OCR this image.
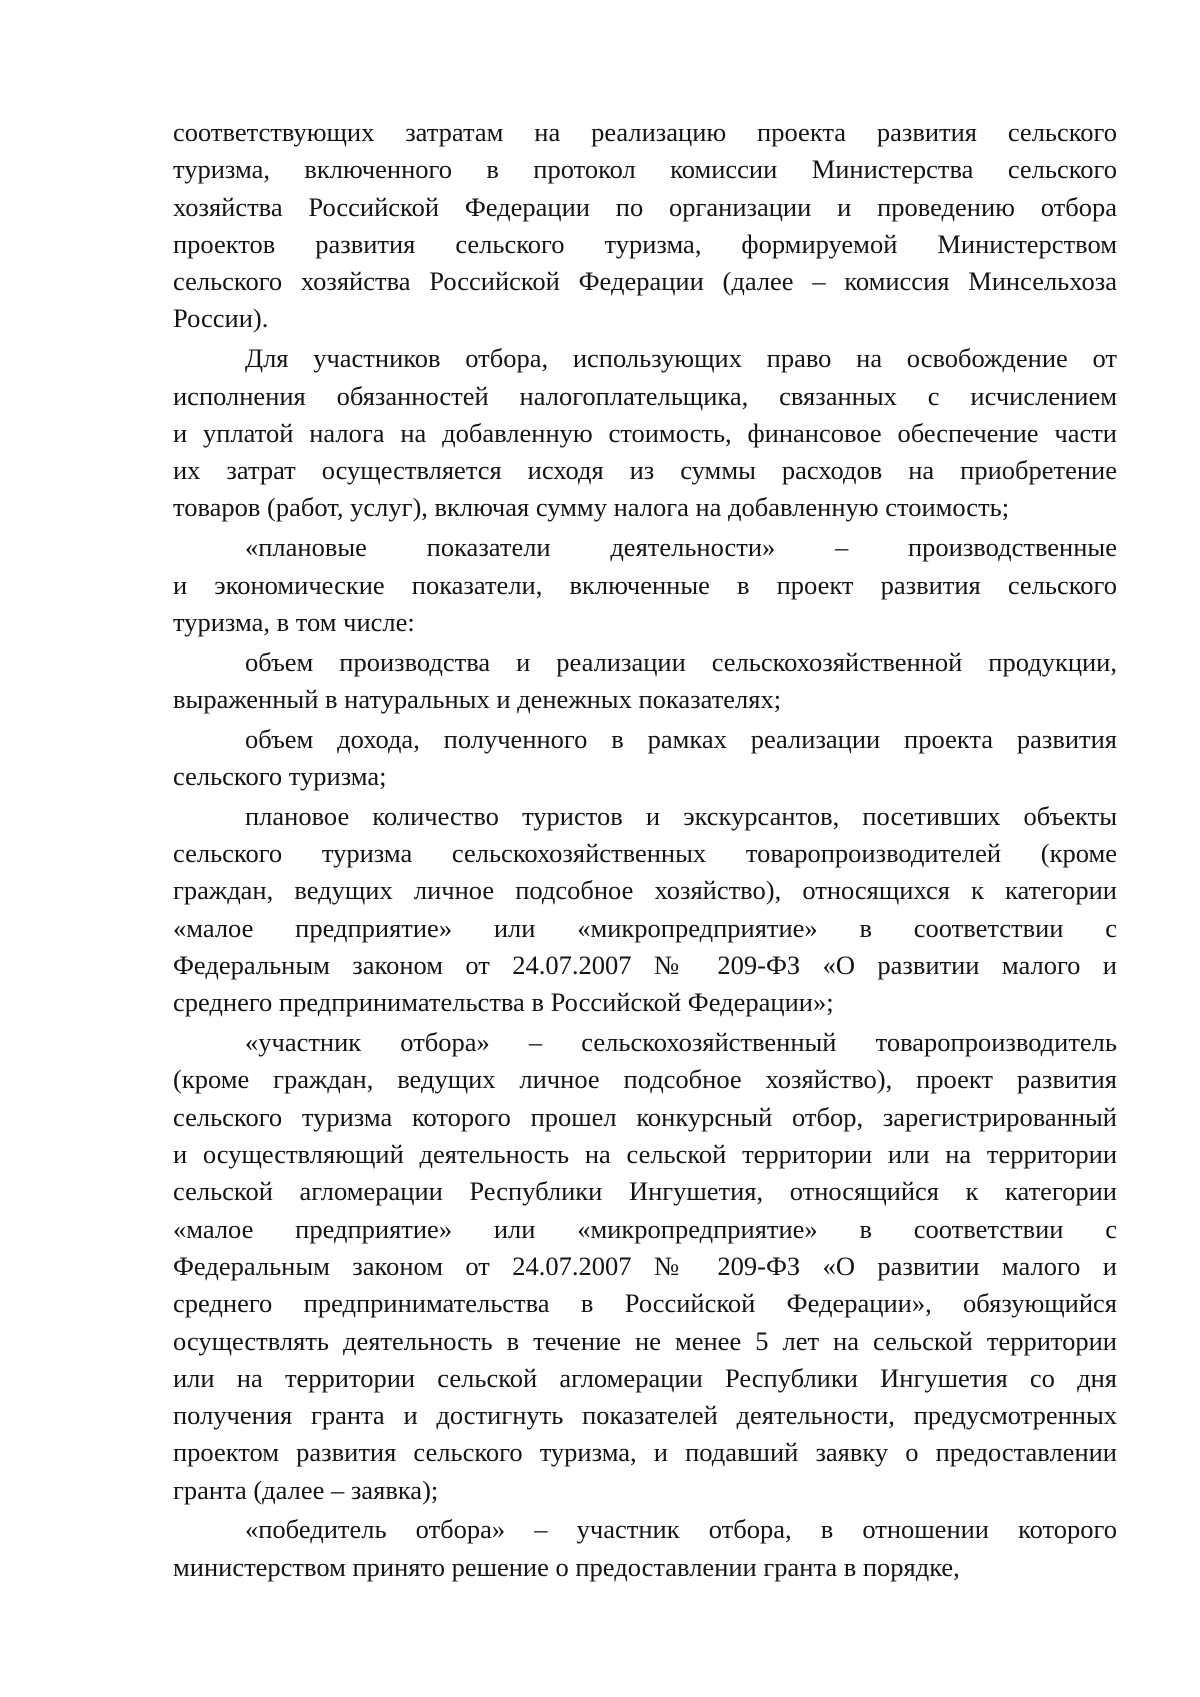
соответствующих затратам на реализацию проекта развития сельского
туризма, включенного в протокол комиссии Министерства сельского
хозяйства Российской Федерации по организации и проведению отбора
проектов развития сельского туризма, формируемой Министерством
сельского хозяйства Российской Федерации (далее – комиссия Минсельхоза
России).
Для участников отбора, использующих право на освобождение от
исполнения обязанностей налогоплательщика, связанных с исчислением
и уплатой налога на добавленную стоимость, финансовое обеспечение части
их затрат осуществляется исходя из суммы расходов на приобретение
товаров (работ, услуг), включая сумму налога на добавленную стоимость;
«плановые показатели деятельности» – производственные
и экономические показатели, включенные в проект развития сельского
туризма, в том числе:
объем производства и реализации сельскохозяйственной продукции,
выраженный в натуральных и денежных показателях;
объем дохода, полученного в рамках реализации проекта развития
сельского туризма;
плановое количество туристов и экскурсантов, посетивших объекты
сельского туризма сельскохозяйственных товаропроизводителей (кроме
граждан, ведущих личное подсобное хозяйство), относящихся к категории
«малое предприятие» или «микропредприятие» в соответствии с
Федеральным законом от 24.07.2007 № 209-ФЗ «О развитии малого и
среднего предпринимательства в Российской Федерации»;
«участник отбора» – сельскохозяйственный товаропроизводитель
(кроме граждан, ведущих личное подсобное хозяйство), проект развития
сельского туризма которого прошел конкурсный отбор, зарегистрированный
и осуществляющий деятельность на сельской территории или на территории
сельской агломерации Республики Ингушетия, относящийся к категории
«малое предприятие» или «микропредприятие» в соответствии с
Федеральным законом от 24.07.2007 № 209-ФЗ «О развитии малого и
среднего предпринимательства в Российской Федерации», обязующийся
осуществлять деятельность в течение не менее 5 лет на сельской территории
или на территории сельской агломерации Республики Ингушетия со дня
получения гранта и достигнуть показателей деятельности, предусмотренных
проектом развития сельского туризма, и подавший заявку о предоставлении
гранта (далее – заявка);
«победитель отбора» – участник отбора, в отношении которого
министерством принято решение о предоставлении гранта в порядке,
